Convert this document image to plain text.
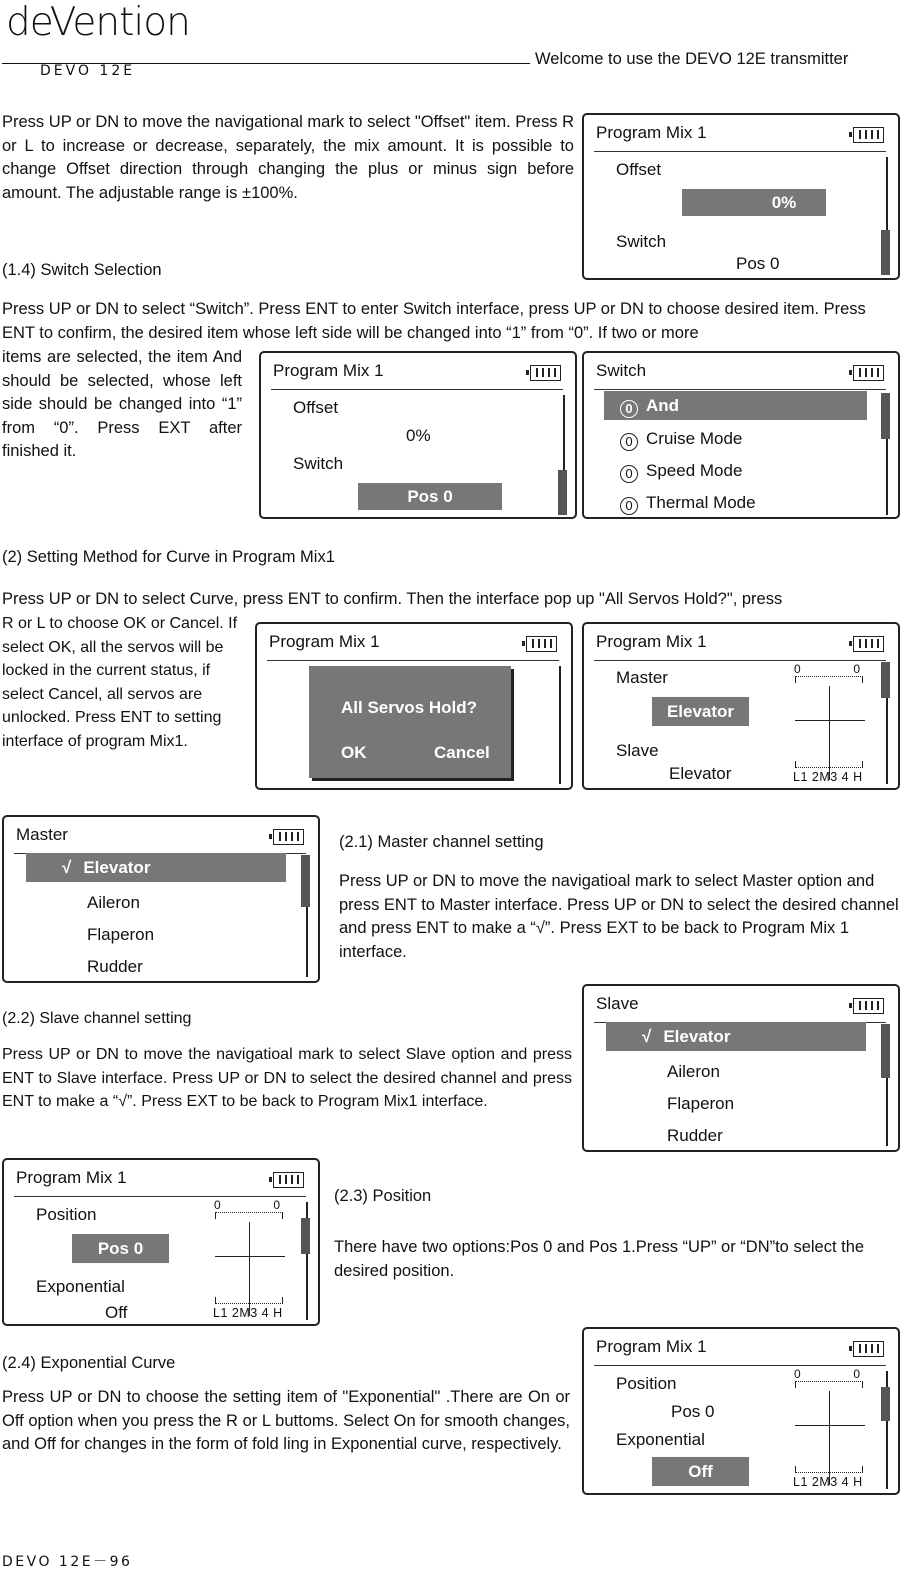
deVention
DEVO 12E
Welcome to use the DEVO 12E transmitter
Press UP or DN to move the navigational mark to select "Offset" item. Press R or L to increase or decrease, separately, the mix amount. It is possible to change Offset direction through changing the plus or minus sign before amount. The adjustable range is ±100%.
Program Mix 1
Offset
0%
Switch
Pos 0
(1.4) Switch Selection
Press UP or DN to select “Switch”. Press ENT to enter Switch interface, press UP or DN to choose desired item. Press ENT to confirm, the desired item whose left side will be changed into “1” from “0”. If two or more
items are selected, the item And should be selected, whose left side should be changed into “1” from “0”. Press EXT after finished it.
Program Mix 1
Offset
0%
Switch
Pos 0
Switch
0 And
0 Cruise Mode
0 Speed Mode
0 Thermal Mode
(2) Setting Method for Curve in Program Mix1
Press UP or DN to select Curve, press ENT to confirm. Then the interface pop up "All Servos Hold?", press
R or L to choose OK or Cancel. If select OK, all the servos will be locked in the current status, if select Cancel, all servos are unlocked. Press ENT to setting interface of program Mix1.
Program Mix 1
All Servos Hold?
OK	Cancel
Program Mix 1
Master
Elevator
Slave
Elevator
0	0
L1 2M3 4 H
Master
√ Elevator
Aileron
Flaperon
Rudder
(2.1) Master channel setting
Press UP or DN to move the navigatioal mark to select Master option and press ENT to Master interface. Press UP or DN to select the desired channel and press ENT to make a “√”. Press EXT to be back to Program Mix 1 interface.
(2.2) Slave channel setting
Press UP or DN to move the navigatioal mark to select Slave option and press ENT to Slave interface. Press UP or DN to select the desired channel and press ENT to make a “√”. Press EXT to be back to Program Mix1 interface.
Slave
√ Elevator
Aileron
Flaperon
Rudder
Program Mix 1
Position
Pos 0
Exponential
Off
0	0
L1 2M3 4 H
(2.3) Position
There have two options:Pos 0 and Pos 1.Press “UP” or “DN”to select the desired position.
(2.4) Exponential Curve
Press UP or DN to choose the setting item of "Exponential" .There are On or Off option when you press the R or L buttoms. Select On for smooth changes, and Off for changes in the form of fold ling in Exponential curve, respectively.
Program Mix 1
Position
Pos 0
Exponential
Off
0	0
L1 2M3 4 H
DEVO 12E－96
